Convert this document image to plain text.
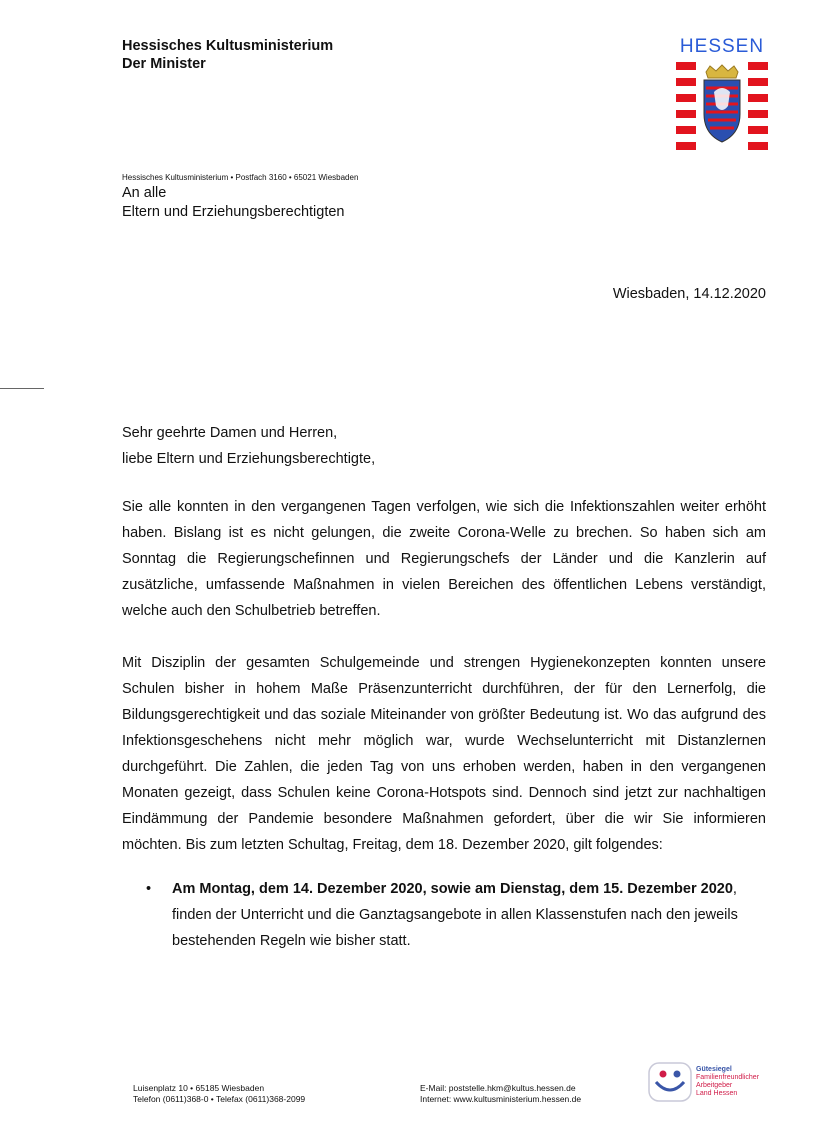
Hessisches Kultusministerium
Der Minister
HESSEN
Hessisches Kultusministerium • Postfach 3160 • 65021 Wiesbaden
An alle
Eltern und Erziehungsberechtigten
Wiesbaden, 14.12.2020

Sehr geehrte Damen und Herren,
liebe Eltern und Erziehungsberechtigte,

Sie alle konnten in den vergangenen Tagen verfolgen, wie sich die Infektionszahlen weiter erhöht haben. Bislang ist es nicht gelungen, die zweite Corona-Welle zu brechen. So haben sich am Sonntag die Regierungschefinnen und Regierungschefs der Länder und die Kanzlerin auf zusätzliche, umfassende Maßnahmen in vielen Bereichen des öffentlichen Lebens verständigt, welche auch den Schulbetrieb betreffen.

Mit Disziplin der gesamten Schulgemeinde und strengen Hygienekonzepten konnten unsere Schulen bisher in hohem Maße Präsenzunterricht durchführen, der für den Lernerfolg, die Bildungsgerechtigkeit und das soziale Miteinander von größter Bedeutung ist. Wo das aufgrund des Infektionsgeschehens nicht mehr möglich war, wurde Wechselunterricht mit Distanzlernen durchgeführt. Die Zahlen, die jeden Tag von uns erhoben werden, haben in den vergangenen Monaten gezeigt, dass Schulen keine Corona-Hotspots sind. Dennoch sind jetzt zur nachhaltigen Eindämmung der Pandemie besondere Maßnahmen gefordert, über die wir Sie informieren möchten. Bis zum letzten Schultag, Freitag, dem 18. Dezember 2020, gilt folgendes:

• Am Montag, dem 14. Dezember 2020, sowie am Dienstag, dem 15. Dezember 2020, finden der Unterricht und die Ganztagsangebote in allen Klassenstufen nach den jeweils bestehenden Regeln wie bisher statt.
Luisenplatz 10 • 65185 Wiesbaden
Telefon (0611)368-0 • Telefax (0611)368-2099
E-Mail: poststelle.hkm@kultus.hessen.de
Internet: www.kultusministerium.hessen.de
Gütesiegel
Familienfreundlicher
Arbeitgeber
Land Hessen
